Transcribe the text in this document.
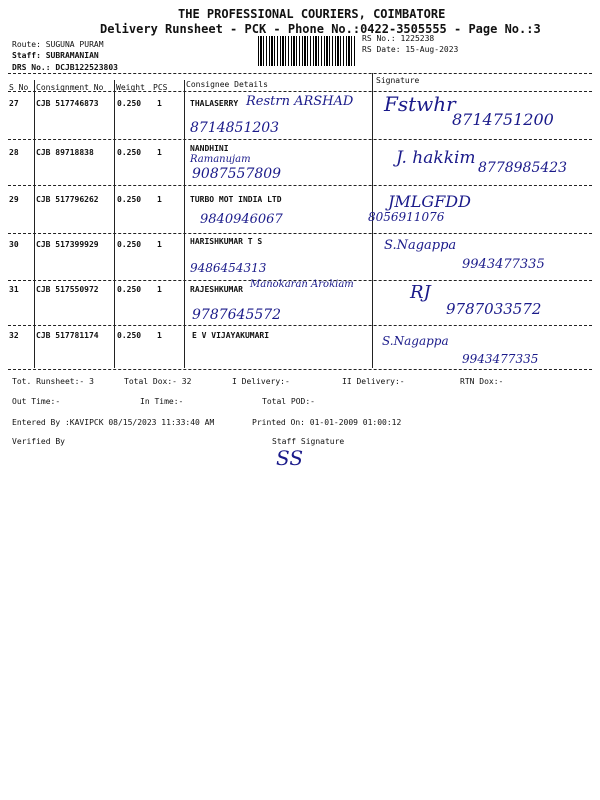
THE PROFESSIONAL COURIERS, COIMBATORE
Delivery Runsheet - PCK - Phone No.:0422-3505555 - Page No.:3
Route: SUGUNA PURAM
Staff: SUBRAMANIAN
DRS No.: DCJB122523803
RS No.: 1225238
RS Date: 15-Aug-2023
S No Consignment No Weight PCS Consignee Details	Signature
27 CJB 517746873 0.250 1	THALASERRY Restrn ARSHAD
8714851203
Fstwhr
8714751200
28 CJB 89718838	0.250 1	NANDHINI
Ramanujam
9087557809
J. hakkim 8778985423
29 CJB 517796262 0.250 1	TURBO MOT INDIA LTD
9840946067
JMLGFDD
8056911076
30 CJB 517399929 0.250 1	HARISHKUMAR T S
9486454313
S.Nagappa
9943477335
31 CJB 517550972 0.250 1	RAJESHKUMAR Manokaran Arokiam
9787645572
RJ
9787033572
32 CJB 517781174 0.250 1	E V VIJAYAKUMARI	S.Nagappa
9943477335
Tot. Runsheet:- 3	Total Dox:- 32	I Delivery:-	II Delivery:-	RTN Dox:-
Out Time:-	In Time:-	Total POD:-
Entered By :KAVIPCK 08/15/2023 11:33:40 AM	Printed On: 01-01-2009 01:00:12
Verified By	Staff Signature
SS
